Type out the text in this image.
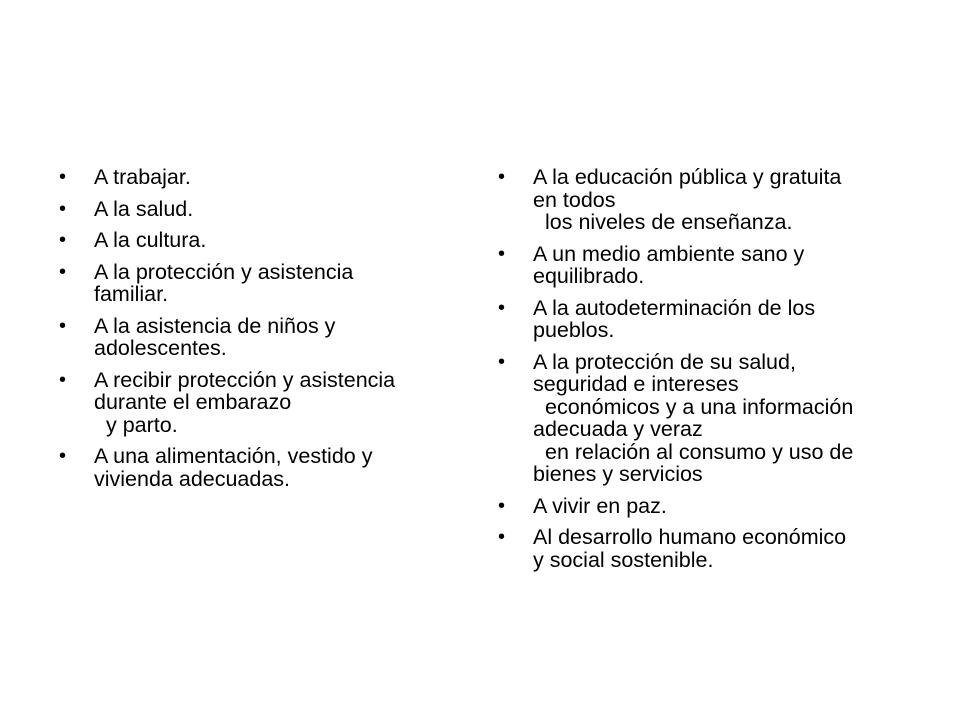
• A trabajar.
• A la salud.
• A la cultura.
• A la protección y asistencia
familiar.
• A la asistencia de niños y
adolescentes.
• A recibir protección y asistencia
durante el embarazo
y parto.
• A una alimentación, vestido y
vivienda adecuadas.
• A la educación pública y gratuita
en todos
los niveles de enseñanza.
• A un medio ambiente sano y
equilibrado.
• A la autodeterminación de los
pueblos.
• A la protección de su salud,
seguridad e intereses
económicos y a una información
adecuada y veraz
en relación al consumo y uso de
bienes y servicios
• A vivir en paz.
• Al desarrollo humano económico
y social sostenible.
